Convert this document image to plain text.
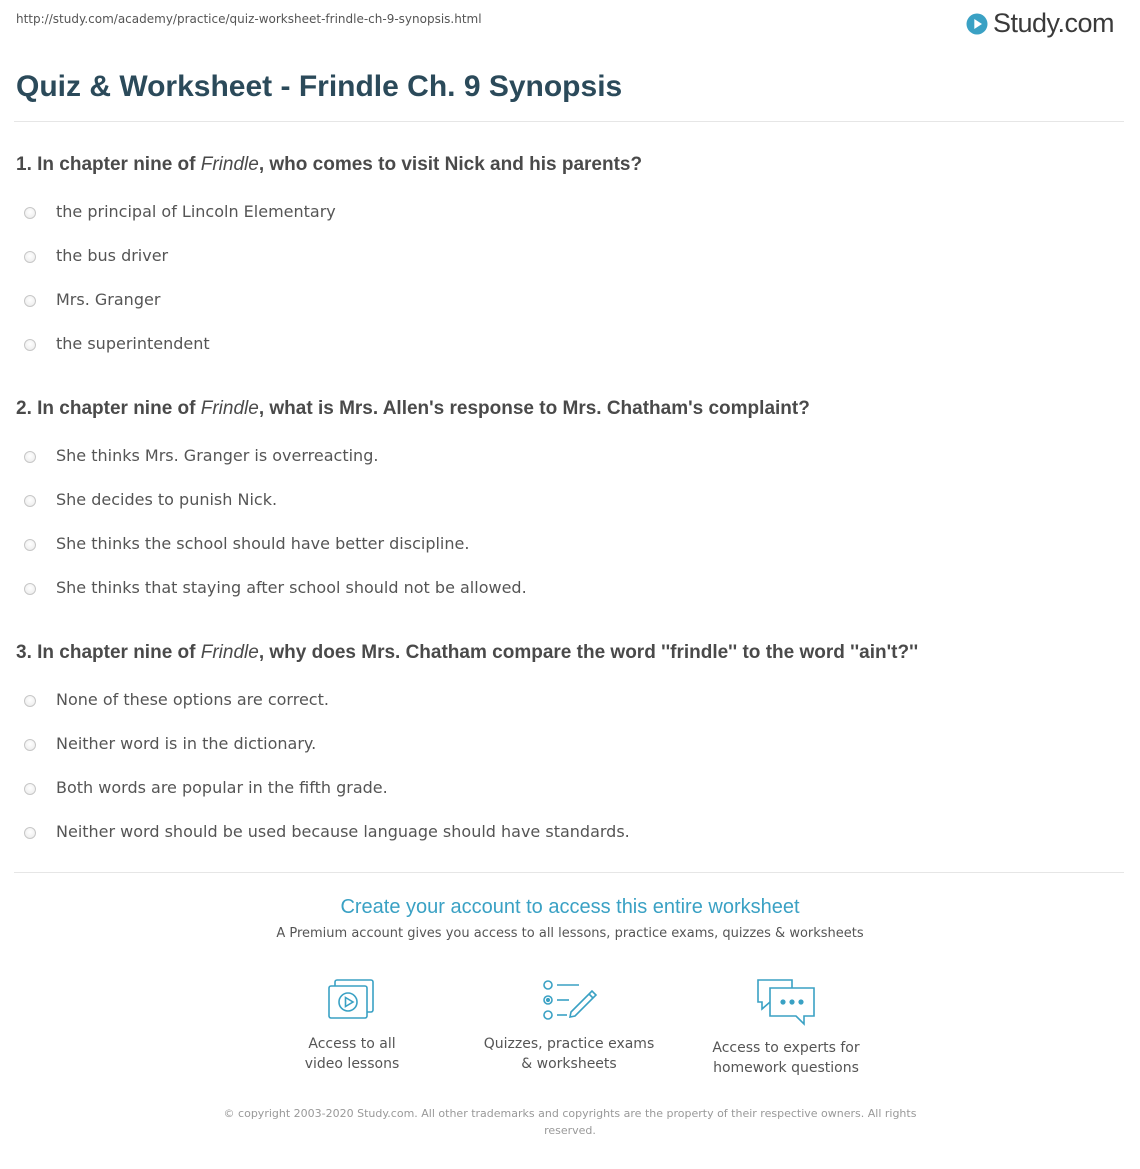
http://study.com/academy/practice/quiz-worksheet-frindle-ch-9-synopsis.html	Study.com
Quiz & Worksheet - Frindle Ch. 9 Synopsis

1. In chapter nine of Frindle, who comes to visit Nick and his parents?

the principal of Lincoln Elementary
the bus driver
Mrs. Granger
the superintendent

2. In chapter nine of Frindle, what is Mrs. Allen's response to Mrs. Chatham's complaint?

She thinks Mrs. Granger is overreacting.
She decides to punish Nick.
She thinks the school should have better discipline.
She thinks that staying after school should not be allowed.

3. In chapter nine of Frindle, why does Mrs. Chatham compare the word ''frindle'' to the word ''ain't?''

None of these options are correct.
Neither word is in the dictionary.
Both words are popular in the fifth grade.
Neither word should be used because language should have standards.
Create your account to access this entire worksheet
A Premium account gives you access to all lessons, practice exams, quizzes & worksheets
Access to all
video lessons
Quizzes, practice exams
& worksheets
Access to experts for
homework questions
© copyright 2003-2020 Study.com. All other trademarks and copyrights are the property of their respective owners. All rights reserved.
